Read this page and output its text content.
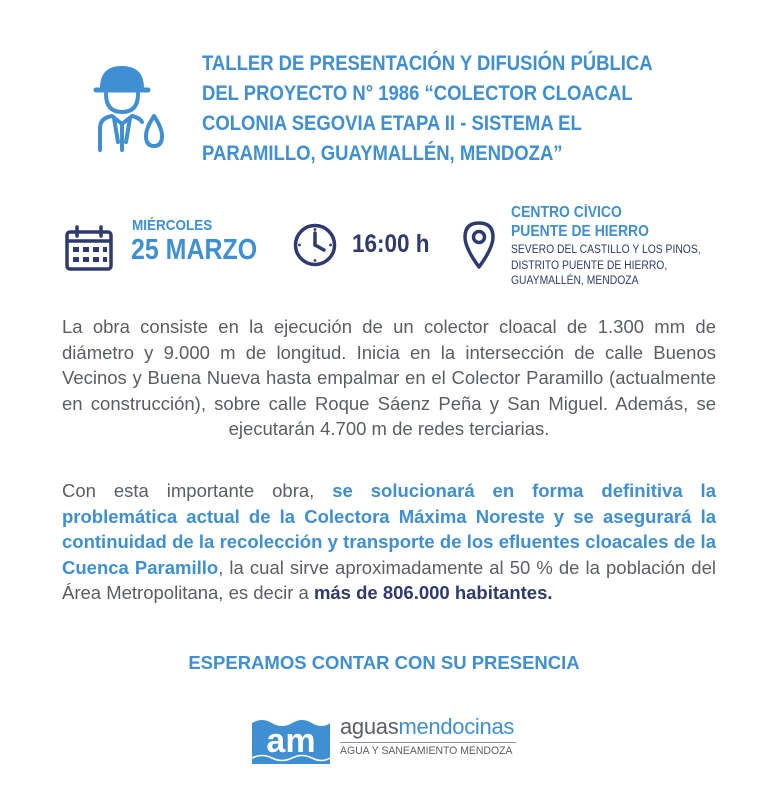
TALLER DE PRESENTACIÓN Y DIFUSIÓN PÚBLICA
DEL PROYECTO N° 1986 “COLECTOR CLOACAL
COLONIA SEGOVIA ETAPA II - SISTEMA EL
PARAMILLO, GUAYMALLÉN, MENDOZA”
MIÉRCOLES
25 MARZO	16:00 h
CENTRO CÍVICO
PUENTE DE HIERRO
SEVERO DEL CASTILLO Y LOS PINOS,
DISTRITO PUENTE DE HIERRO,
GUAYMALLÉN, MENDOZA

La obra consiste en la ejecución de un colector cloacal de 1.300 mm de diámetro y 9.000 m de longitud. Inicia en la intersección de calle Buenos Vecinos y Buena Nueva hasta empalmar en el Colector Paramillo (actualmente en construcción), sobre calle Roque Sáenz Peña y San Miguel. Además, se ejecutarán 4.700 m de redes terciarias.

Con esta importante obra, se solucionará en forma definitiva la problemática actual de la Colectora Máxima Noreste y se asegurará la continuidad de la recolección y transporte de los efluentes cloacales de la Cuenca Paramillo, la cual sirve aproximadamente al 50 % de la población del Área Metropolitana, es decir a más de 806.000 habitantes.

ESPERAMOS CONTAR CON SU PRESENCIA
am aguasmendocinas
AGUA Y SANEAMIENTO MENDOZA
